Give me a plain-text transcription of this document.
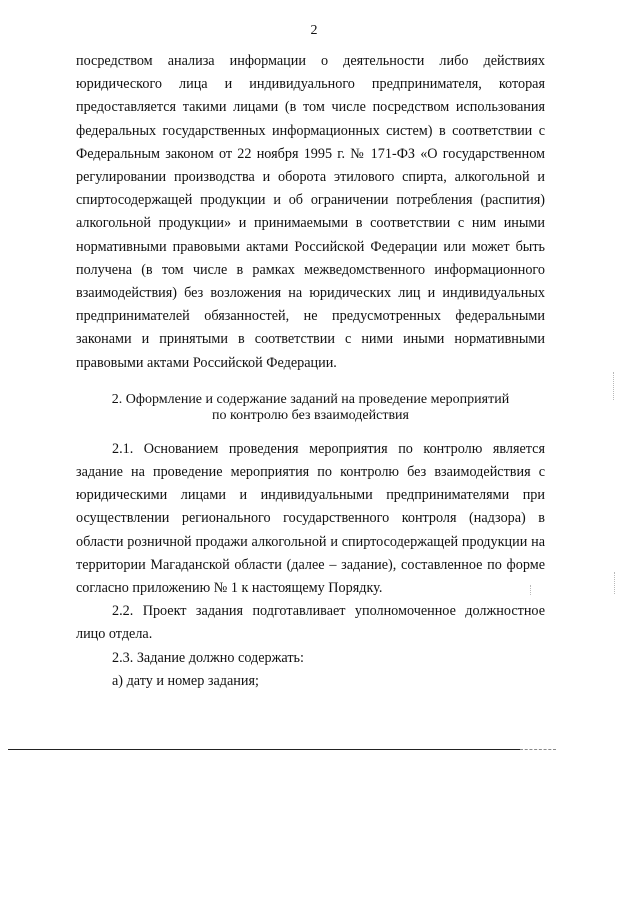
2

посредством анализа информации о деятельности либо действиях юридического лица и индивидуального предпринимателя, которая предоставляется такими лицами (в том числе посредством использования федеральных государственных информационных систем) в соответствии с Федеральным законом от 22 ноября 1995 г. № 171-ФЗ «О государственном регулировании производства и оборота этилового спирта, алкогольной и спиртосодержащей продукции и об ограничении потребления (распития) алкогольной продукции» и принимаемыми в соответствии с ним иными нормативными правовыми актами Российской Федерации или может быть получена (в том числе в рамках межведомственного информационного взаимодействия) без возложения на юридических лиц и индивидуальных предпринимателей обязанностей, не предусмотренных федеральными законами и принятыми в соответствии с ними иными нормативными правовыми актами Российской Федерации.

2. Оформление и содержание заданий на проведение мероприятий
по контролю без взаимодействия

2.1. Основанием проведения мероприятия по контролю является задание на проведение мероприятия по контролю без взаимодействия с юридическими лицами и индивидуальными предпринимателями при осуществлении регионального государственного контроля (надзора) в области розничной продажи алкогольной и спиртосодержащей продукции на территории Магаданской области (далее – задание), составленное по форме согласно приложению № 1 к настоящему Порядку.

2.2. Проект задания подготавливает уполномоченное должностное лицо отдела.

2.3. Задание должно содержать:

а) дату и номер задания;
